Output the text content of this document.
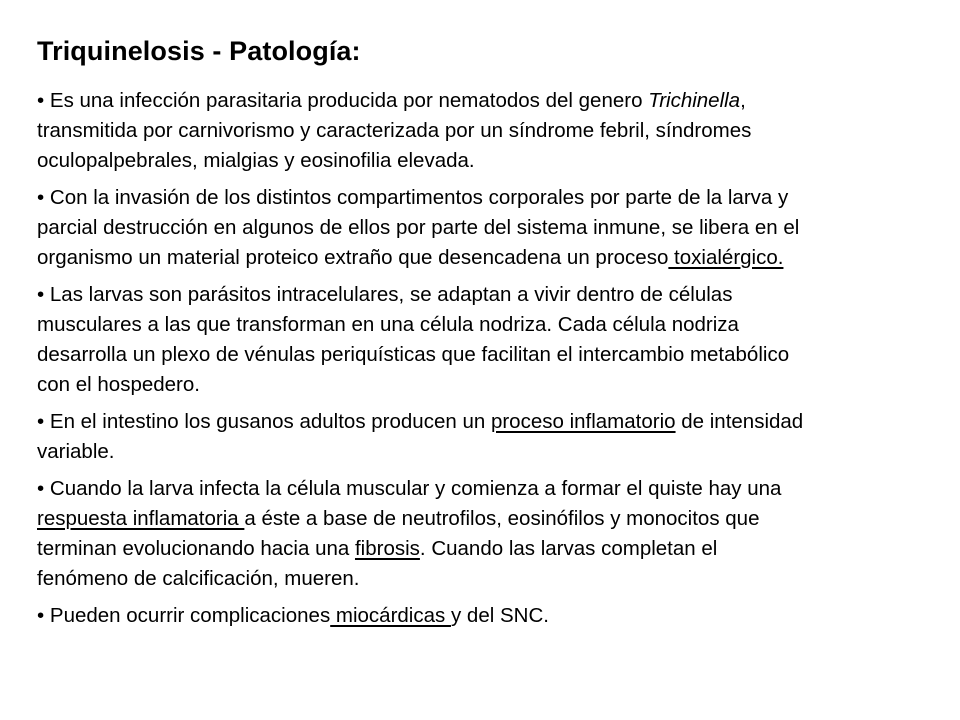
Triquinelosis - Patología:
• Es una infección parasitaria producida por nematodos del genero Trichinella,
transmitida por carnivorismo y caracterizada por un síndrome febril, síndromes
oculopalpebrales, mialgias y eosinofilia elevada.
• Con la invasión de los distintos compartimentos corporales por parte de la larva y
parcial destrucción en algunos de ellos por parte del sistema inmune, se libera en el
organismo un material proteico extraño que desencadena un proceso toxialérgico.
• Las larvas son parásitos intracelulares, se adaptan a vivir dentro de células
musculares a las que transforman en una célula nodriza. Cada célula nodriza
desarrolla un plexo de vénulas periquísticas que facilitan el intercambio metabólico
con el hospedero.
• En el intestino los gusanos adultos producen un proceso inflamatorio de intensidad
variable.
• Cuando la larva infecta la célula muscular y comienza a formar el quiste hay una
respuesta inflamatoria a éste a base de neutrofilos, eosinófilos y monocitos que
terminan evolucionando hacia una fibrosis. Cuando las larvas completan el
fenómeno de calcificación, mueren.
• Pueden ocurrir complicaciones miocárdicas y del SNC.
